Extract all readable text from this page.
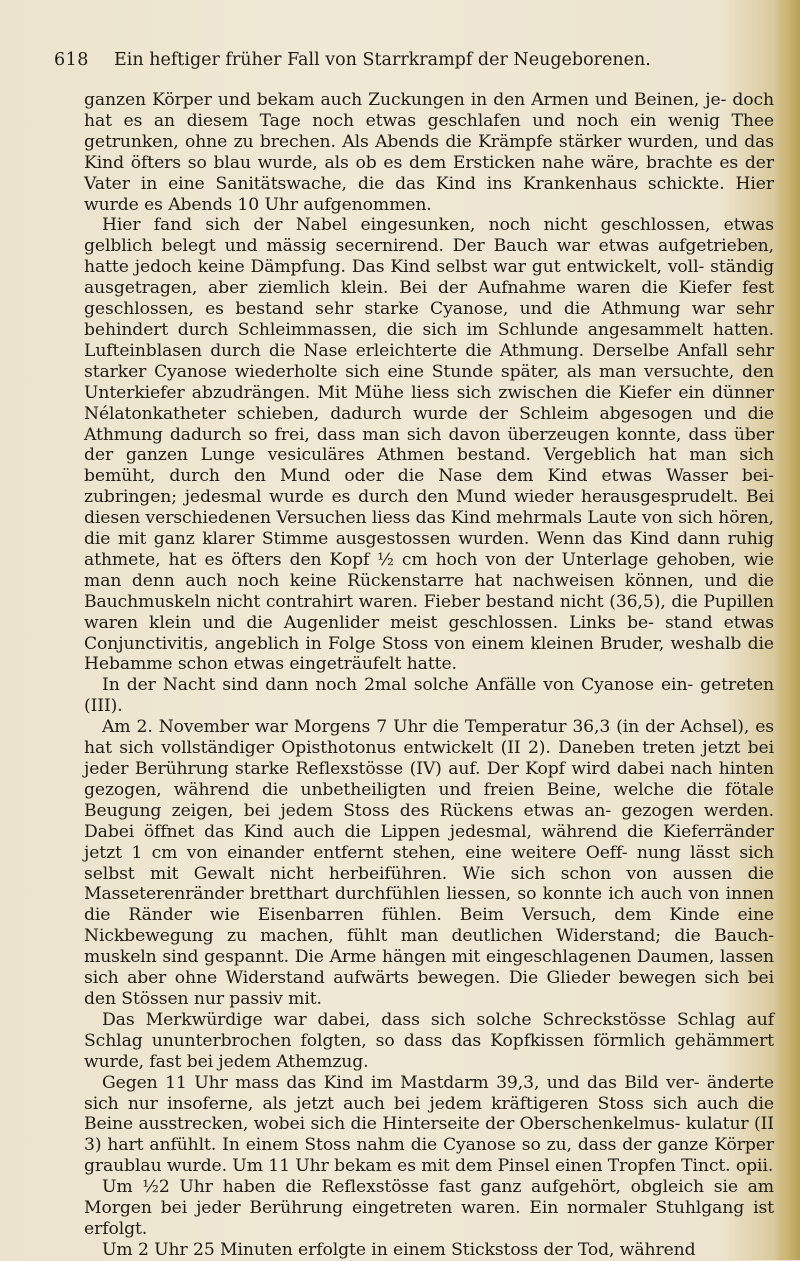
618 Ein heftiger früher Fall von Starrkrampf der Neugeborenen.

ganzen Körper und bekam auch Zuckungen in den Armen und Beinen, je- doch hat es an diesem Tage noch etwas geschlafen und noch ein wenig Thee getrunken, ohne zu brechen. Als Abends die Krämpfe stärker wurden, und das Kind öfters so blau wurde, als ob es dem Ersticken nahe wäre, brachte es der Vater in eine Sanitätswache, die das Kind ins Krankenhaus schickte. Hier wurde es Abends 10 Uhr aufgenommen.

Hier fand sich der Nabel eingesunken, noch nicht geschlossen, etwas gelblich belegt und mässig secernirend. Der Bauch war etwas aufgetrieben, hatte jedoch keine Dämpfung. Das Kind selbst war gut entwickelt, voll- ständig ausgetragen, aber ziemlich klein. Bei der Aufnahme waren die Kiefer fest geschlossen, es bestand sehr starke Cyanose, und die Athmung war sehr behindert durch Schleimmassen, die sich im Schlunde angesammelt hatten. Lufteinblasen durch die Nase erleichterte die Athmung. Derselbe Anfall sehr starker Cyanose wiederholte sich eine Stunde später, als man versuchte, den Unterkiefer abzudrängen. Mit Mühe liess sich zwischen die Kiefer ein dünner Nélatonkatheter schieben, dadurch wurde der Schleim abgesogen und die Athmung dadurch so frei, dass man sich davon überzeugen konnte, dass über der ganzen Lunge vesiculäres Athmen bestand. Vergeblich hat man sich bemüht, durch den Mund oder die Nase dem Kind etwas Wasser bei- zubringen; jedesmal wurde es durch den Mund wieder herausgesprudelt. Bei diesen verschiedenen Versuchen liess das Kind mehrmals Laute von sich hören, die mit ganz klarer Stimme ausgestossen wurden. Wenn das Kind dann ruhig athmete, hat es öfters den Kopf ½ cm hoch von der Unterlage gehoben, wie man denn auch noch keine Rückenstarre hat nachweisen können, und die Bauchmuskeln nicht contrahirt waren. Fieber bestand nicht (36,5), die Pupillen waren klein und die Augenlider meist geschlossen. Links be- stand etwas Conjunctivitis, angeblich in Folge Stoss von einem kleinen Bruder, weshalb die Hebamme schon etwas eingeträufelt hatte.

In der Nacht sind dann noch 2mal solche Anfälle von Cyanose ein- getreten (III).

Am 2. November war Morgens 7 Uhr die Temperatur 36,3 (in der Achsel), es hat sich vollständiger Opisthotonus entwickelt (II 2). Daneben treten jetzt bei jeder Berührung starke Reflexstösse (IV) auf. Der Kopf wird dabei nach hinten gezogen, während die unbetheiligten und freien Beine, welche die fötale Beugung zeigen, bei jedem Stoss des Rückens etwas an- gezogen werden. Dabei öffnet das Kind auch die Lippen jedesmal, während die Kieferränder jetzt 1 cm von einander entfernt stehen, eine weitere Oeff- nung lässt sich selbst mit Gewalt nicht herbeiführen. Wie sich schon von aussen die Masseterenränder bretthart durchfühlen liessen, so konnte ich auch von innen die Ränder wie Eisenbarren fühlen. Beim Versuch, dem Kinde eine Nickbewegung zu machen, fühlt man deutlichen Widerstand; die Bauch- muskeln sind gespannt. Die Arme hängen mit eingeschlagenen Daumen, lassen sich aber ohne Widerstand aufwärts bewegen. Die Glieder bewegen sich bei den Stössen nur passiv mit.

Das Merkwürdige war dabei, dass sich solche Schreckstösse Schlag auf Schlag ununterbrochen folgten, so dass das Kopfkissen förmlich gehämmert wurde, fast bei jedem Athemzug.

Gegen 11 Uhr mass das Kind im Mastdarm 39,3, und das Bild ver- änderte sich nur insoferne, als jetzt auch bei jedem kräftigeren Stoss sich auch die Beine ausstrecken, wobei sich die Hinterseite der Oberschenkelmus- kulatur (II 3) hart anfühlt. In einem Stoss nahm die Cyanose so zu, dass der ganze Körper graublau wurde. Um 11 Uhr bekam es mit dem Pinsel einen Tropfen Tinct. opii.

Um ½2 Uhr haben die Reflexstösse fast ganz aufgehört, obgleich sie am Morgen bei jeder Berührung eingetreten waren. Ein normaler Stuhlgang ist erfolgt.

Um 2 Uhr 25 Minuten erfolgte in einem Stickstoss der Tod, während
